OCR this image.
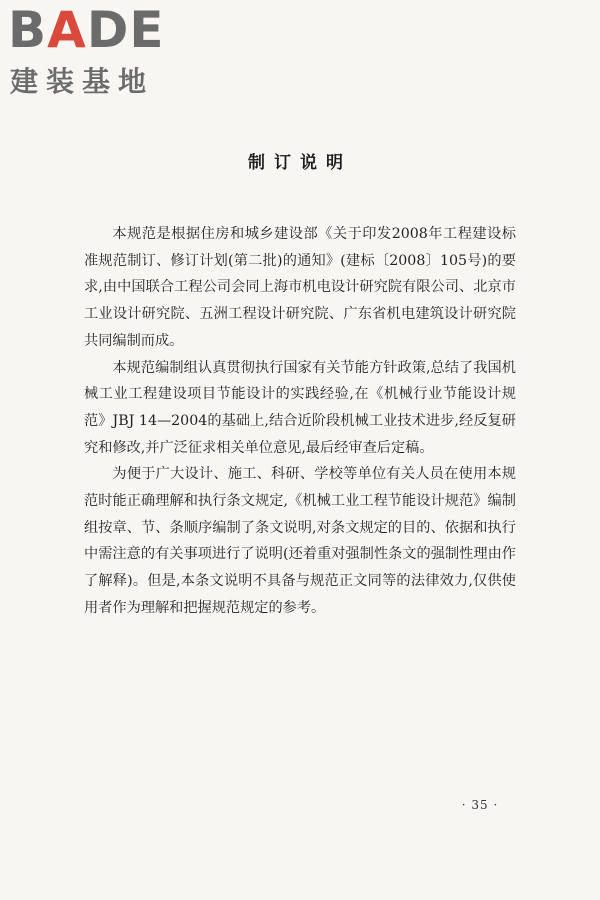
B A D E
建装基地
制订说明

本规范是根据住房和城乡建设部《关于印发2008年工程建设标准规范制订、修订计划(第二批)的通知》(建标〔2008〕105号)的要求,由中国联合工程公司会同上海市机电设计研究院有限公司、北京市工业设计研究院、五洲工程设计研究院、广东省机电建筑设计研究院共同编制而成。

本规范编制组认真贯彻执行国家有关节能方针政策,总结了我国机械工业工程建设项目节能设计的实践经验,在《机械行业节能设计规范》JBJ 14—2004的基础上,结合近阶段机械工业技术进步,经反复研究和修改,并广泛征求相关单位意见,最后经审查后定稿。

为便于广大设计、施工、科研、学校等单位有关人员在使用本规范时能正确理解和执行条文规定,《机械工业工程节能设计规范》编制组按章、节、条顺序编制了条文说明,对条文规定的目的、依据和执行中需注意的有关事项进行了说明(还着重对强制性条文的强制性理由作了解释)。但是,本条文说明不具备与规范正文同等的法律效力,仅供使用者作为理解和把握规范规定的参考。

· 35 ·
